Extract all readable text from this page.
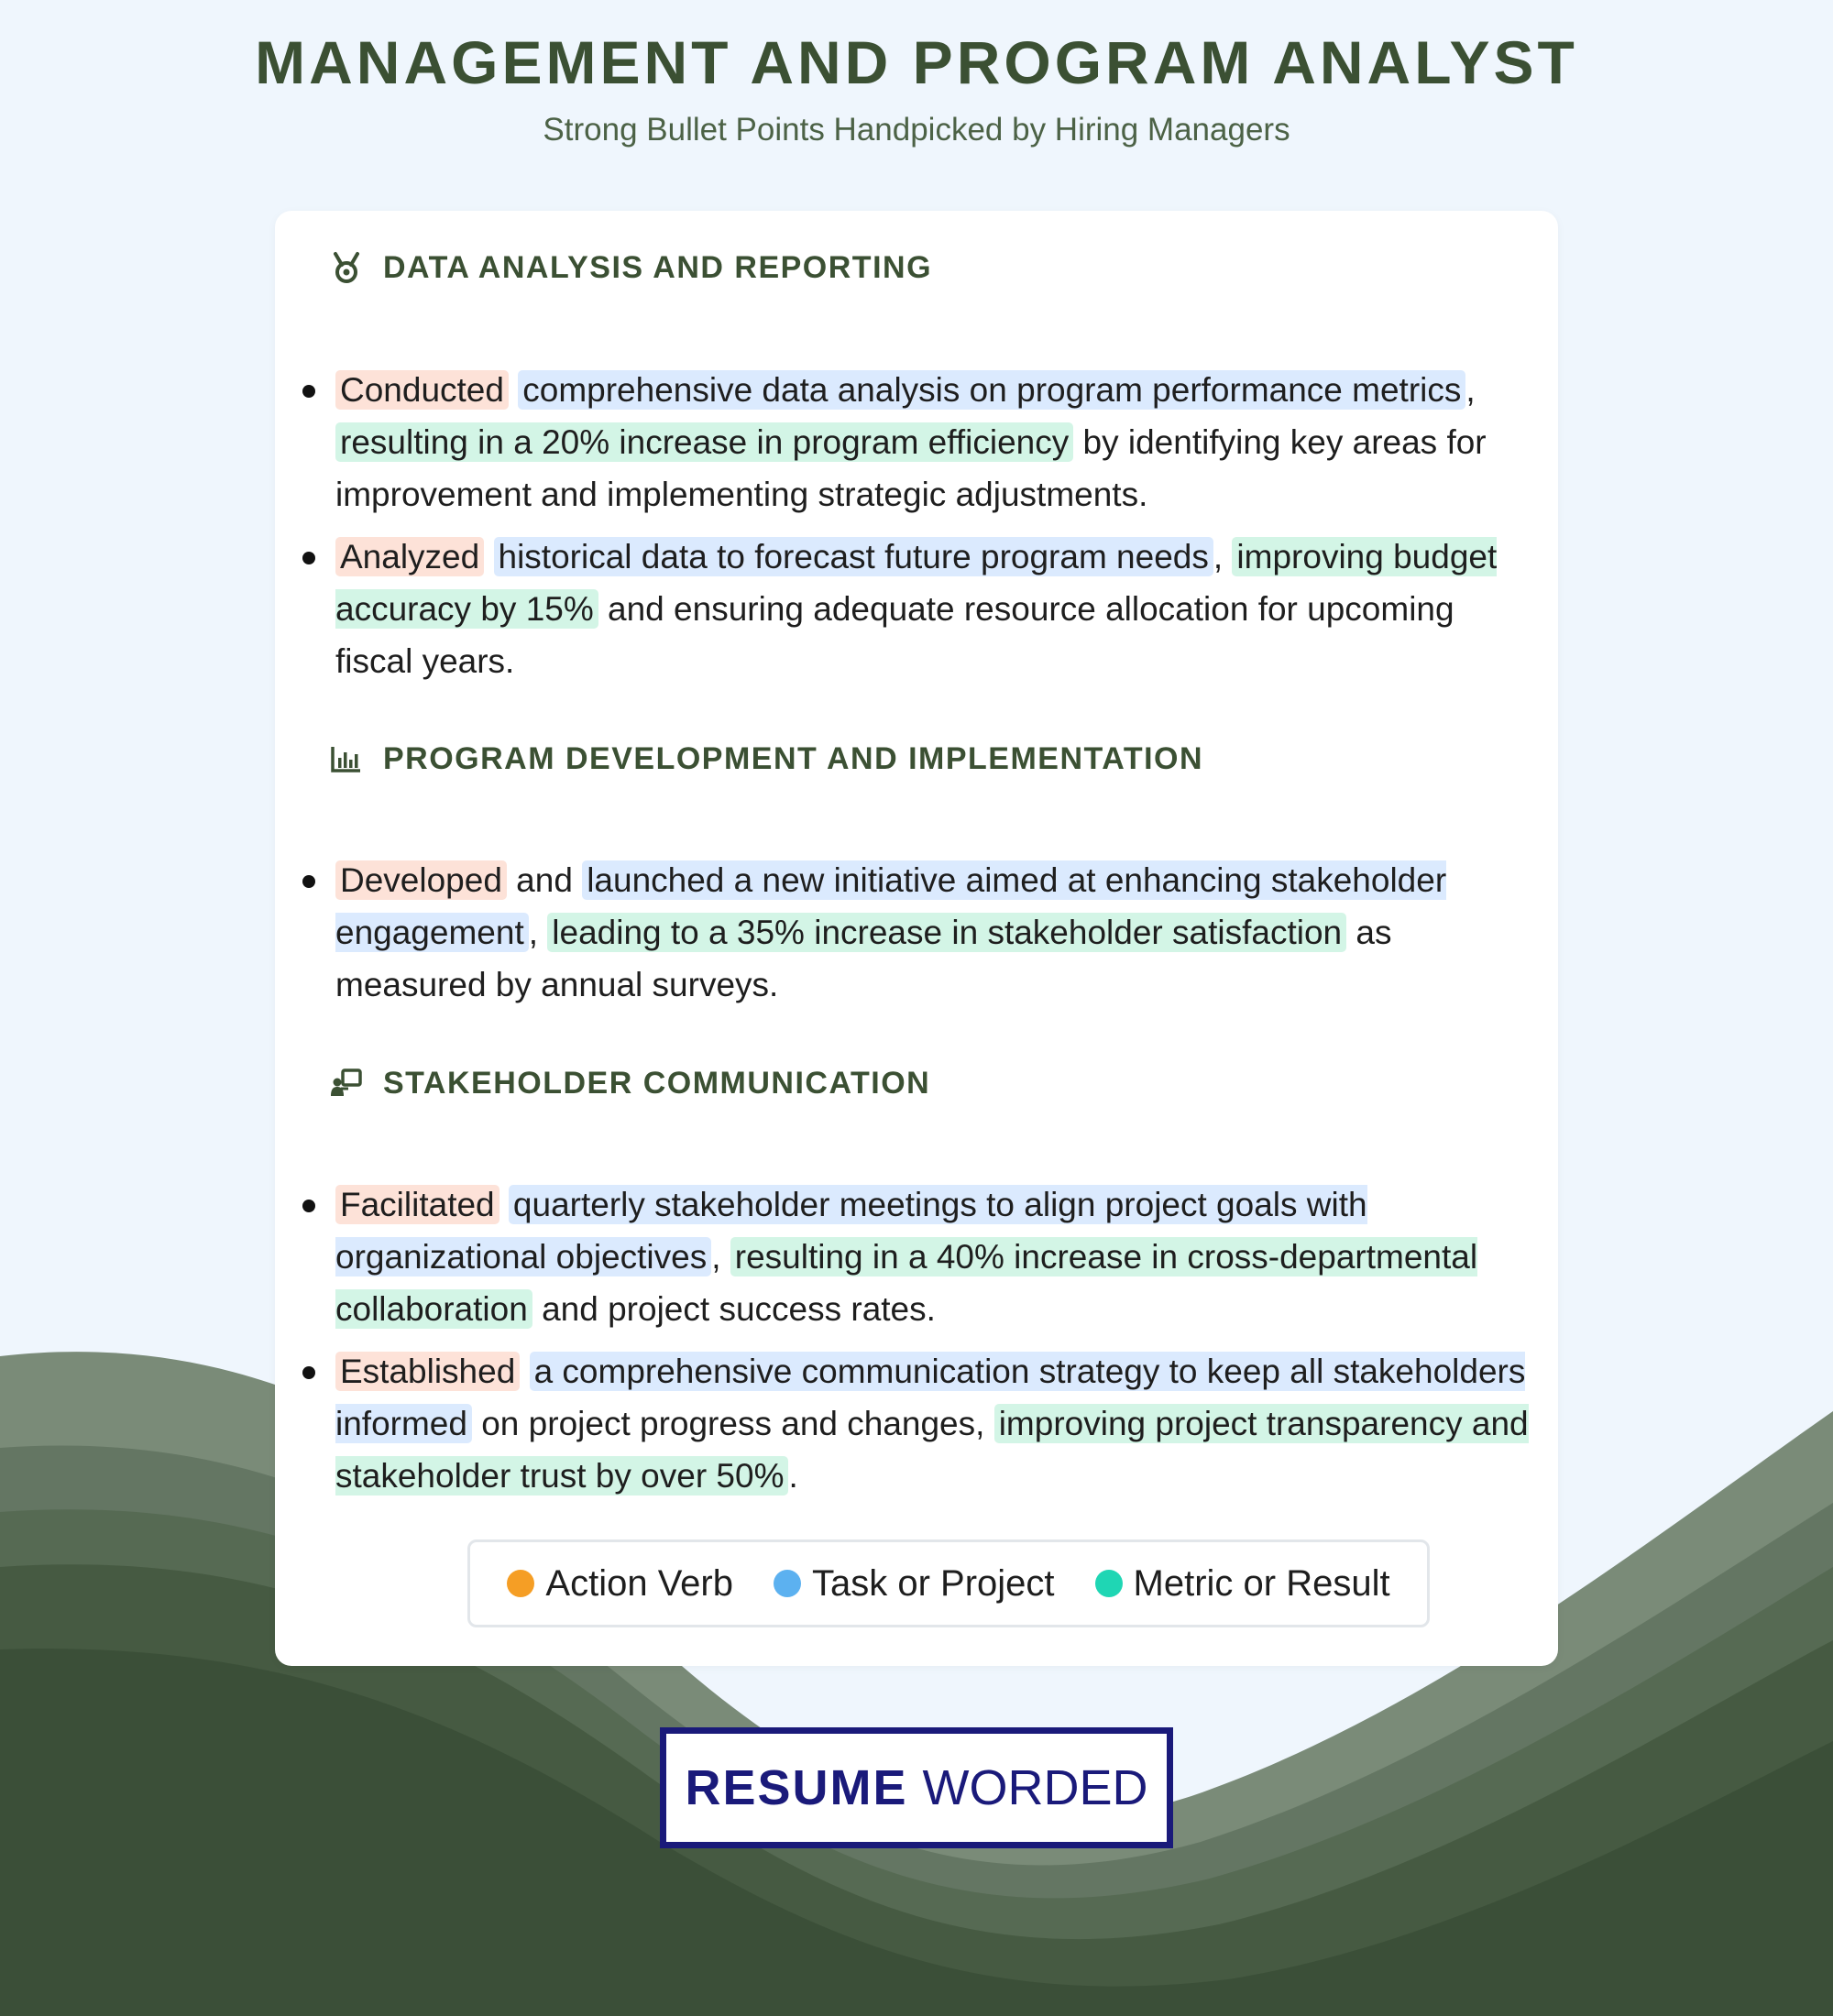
MANAGEMENT AND PROGRAM ANALYST

Strong Bullet Points Handpicked by Hiring Managers

DATA ANALYSIS AND REPORTING
Conducted comprehensive data analysis on program performance metrics , resulting in a 20% increase in program efficiency by identifying key areas for improvement and implementing strategic adjustments.
Analyzed historical data to forecast future program needs , improving budget accuracy by 15% and ensuring adequate resource allocation for upcoming fiscal years.
PROGRAM DEVELOPMENT AND IMPLEMENTATION
Developed and launched a new initiative aimed at enhancing stakeholder engagement , leading to a 35% increase in stakeholder satisfaction as measured by annual surveys.
STAKEHOLDER COMMUNICATION
Facilitated quarterly stakeholder meetings to align project goals with organizational objectives , resulting in a 40% increase in cross-departmental collaboration and project success rates.
Established a comprehensive communication strategy to keep all stakeholders informed on project progress and changes, improving project transparency and stakeholder trust by over 50% .
Action Verb Task or Project Metric or Result
RESUME WORDED
